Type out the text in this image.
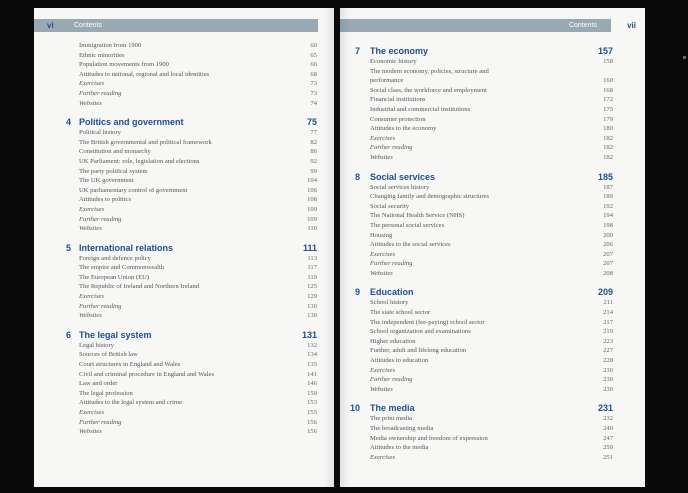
Contents
vi
Immigration from 1900	60
Ethnic minorities	65
Population movements from 1900	66
Attitudes to national, regional and local identities	68
Exercises	73
Further reading	73
Websites	74
4 Politics and government	75
Political history	77
The British governmental and political framework	82
Constitution and monarchy	86
UK Parliament: role, legislation and elections	92
The party political system	99
The UK government	104
UK parliamentary control of government	106
Attitudes to politics	108
Exercises	109
Further reading	109
Websites	110
5 International relations	111
Foreign and defence policy	113
The empire and Commonwealth	117
The European Union (EU)	119
The Republic of Ireland and Northern Ireland	125
Exercises	129
Further reading	130
Websites	130
6 The legal system	131
Legal history	132
Sources of British law	134
Court structures in England and Wales	135
Civil and criminal procedure in England and Wales	141
Law and order	146
The legal profession	150
Attitudes to the legal system and crime	153
Exercises	155
Further reading	156
Websites	156
Contents	vii
7 The economy	157
Economic history	158
The modern economy, policies, structure and
performance	160
Social class, the workforce and employment	168
Financial institutions	172
Industrial and commercial institutions	175
Consumer protection	179
Attitudes to the economy	180
Exercises	182
Further reading	182
Websites	182
8 Social services	185
Social services history	187
Changing family and demographic structures	189
Social security	192
The National Health Service (NHS)	194
The personal social services	198
Housing	200
Attitudes to the social services	206
Exercises	207
Further reading	207
Websites	208
9 Education	209
School history	211
The state school sector	214
The independent (fee-paying) school sector	217
School organization and examinations	219
Higher education	223
Further, adult and lifelong education	227
Attitudes to education	228
Exercises	230
Further reading	230
Websites	230
10 The media	231
The print media	232
The broadcasting media	240
Media ownership and freedom of expression	247
Attitudes to the media	250
Exercises	251
